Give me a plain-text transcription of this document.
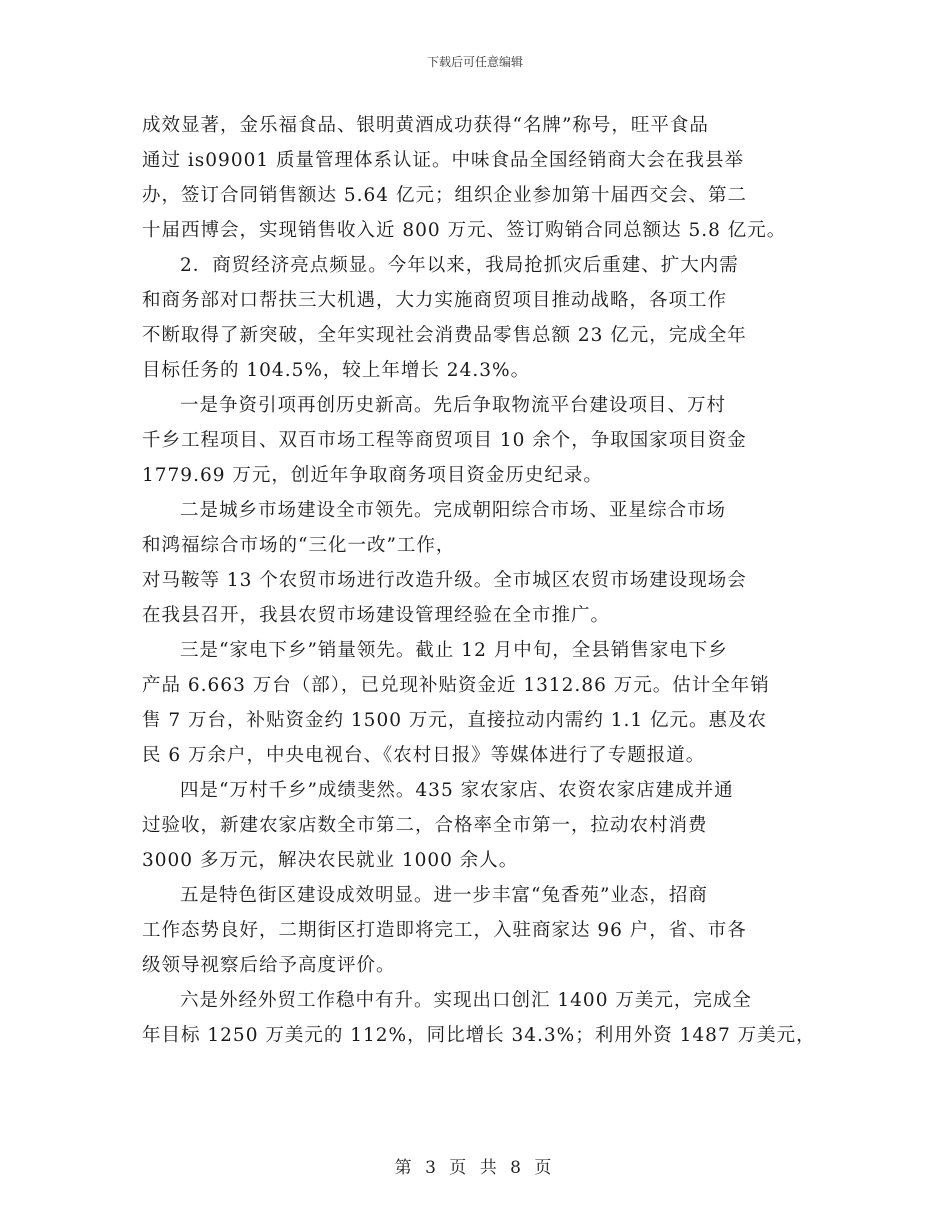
下载后可任意编辑
成效显著，金乐福食品、银明黄酒成功获得“名牌”称号，旺平食品
通过 is09001 质量管理体系认证。中味食品全国经销商大会在我县举
办，签订合同销售额达 5.64 亿元；组织企业参加第十届西交会、第二
十届西博会，实现销售收入近 800 万元、签订购销合同总额达 5.8 亿元。
2．商贸经济亮点频显。今年以来，我局抢抓灾后重建、扩大内需
和商务部对口帮扶三大机遇，大力实施商贸项目推动战略，各项工作
不断取得了新突破，全年实现社会消费品零售总额 23 亿元，完成全年
目标任务的 104.5%，较上年增长 24.3%。
一是争资引项再创历史新高。先后争取物流平台建设项目、万村
千乡工程项目、双百市场工程等商贸项目 10 余个，争取国家项目资金
1779.69 万元，创近年争取商务项目资金历史纪录。
二是城乡市场建设全市领先。完成朝阳综合市场、亚星综合市场
和鸿福综合市场的“三化一改”工作，
对马鞍等 13 个农贸市场进行改造升级。全市城区农贸市场建设现场会
在我县召开，我县农贸市场建设管理经验在全市推广。
三是“家电下乡”销量领先。截止 12 月中旬，全县销售家电下乡
产品 6.663 万台（部），已兑现补贴资金近 1312.86 万元。估计全年销
售 7 万台，补贴资金约 1500 万元，直接拉动内需约 1.1 亿元。惠及农
民 6 万余户，中央电视台、《农村日报》等媒体进行了专题报道。
四是“万村千乡”成绩斐然。435 家农家店、农资农家店建成并通
过验收，新建农家店数全市第二，合格率全市第一，拉动农村消费
3000 多万元，解决农民就业 1000 余人。
五是特色街区建设成效明显。进一步丰富“兔香苑”业态，招商
工作态势良好，二期街区打造即将完工，入驻商家达 96 户，省、市各
级领导视察后给予高度评价。
六是外经外贸工作稳中有升。实现出口创汇 1400 万美元，完成全
年目标 1250 万美元的 112%，同比增长 34.3%；利用外资 1487 万美元，
第 3 页 共 8 页
